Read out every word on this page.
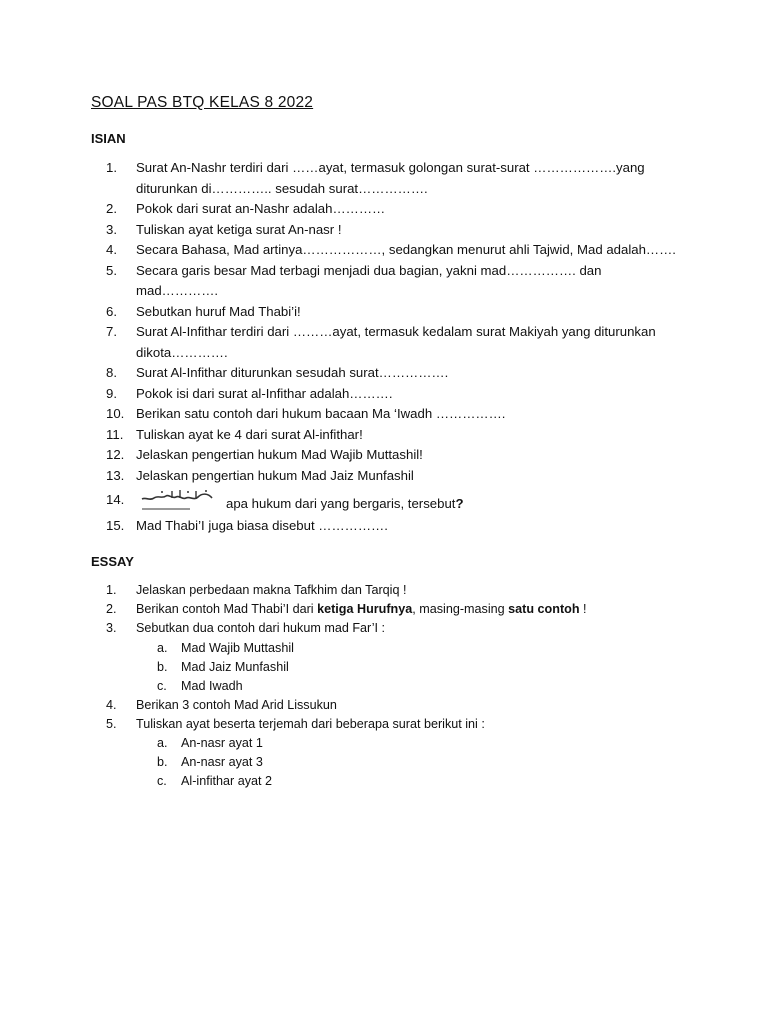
SOAL PAS BTQ KELAS 8 2022
ISIAN
1.	Surat An-Nashr terdiri dari ……ayat, termasuk golongan surat-surat ……………….yang
diturunkan di………….. sesudah surat…………….
2.	Pokok dari surat an-Nashr adalah…………
3.	Tuliskan ayat ketiga surat An-nasr !
4.	Secara Bahasa, Mad artinya………………, sedangkan menurut ahli Tajwid, Mad adalah…….
5.	Secara garis besar Mad terbagi menjadi dua bagian, yakni mad……………. dan
mad………….
6.	Sebutkan huruf Mad Thabi’i!
7.	Surat Al-Infithar terdiri dari ………ayat, termasuk kedalam surat Makiyah yang diturunkan
dikota………….
8.	Surat Al-Infithar diturunkan sesudah surat…………….
9.	Pokok isi dari surat al-Infithar adalah……….
10. Berikan satu contoh dari hukum bacaan Ma ‘Iwadh …………….
11. Tuliskan ayat ke 4 dari surat Al-infithar!
12. Jelaskan pengertian hukum Mad Wajib Muttashil!
13. Jelaskan pengertian hukum Mad Jaiz Munfashil
14.	apa hukum dari yang bergaris, tersebut?
15. Mad Thabi’I juga biasa disebut …………….
ESSAY
1. Jelaskan perbedaan makna Tafkhim dan Tarqiq !
2. Berikan contoh Mad Thabi’I dari ketiga Hurufnya, masing-masing satu contoh !
3. Sebutkan dua contoh dari hukum mad Far’I :
a. Mad Wajib Muttashil
b. Mad Jaiz Munfashil
c. Mad Iwadh
4. Berikan 3 contoh Mad Arid Lissukun
5. Tuliskan ayat beserta terjemah dari beberapa surat berikut ini :
a. An-nasr ayat 1
b. An-nasr ayat 3
c. Al-infithar ayat 2
